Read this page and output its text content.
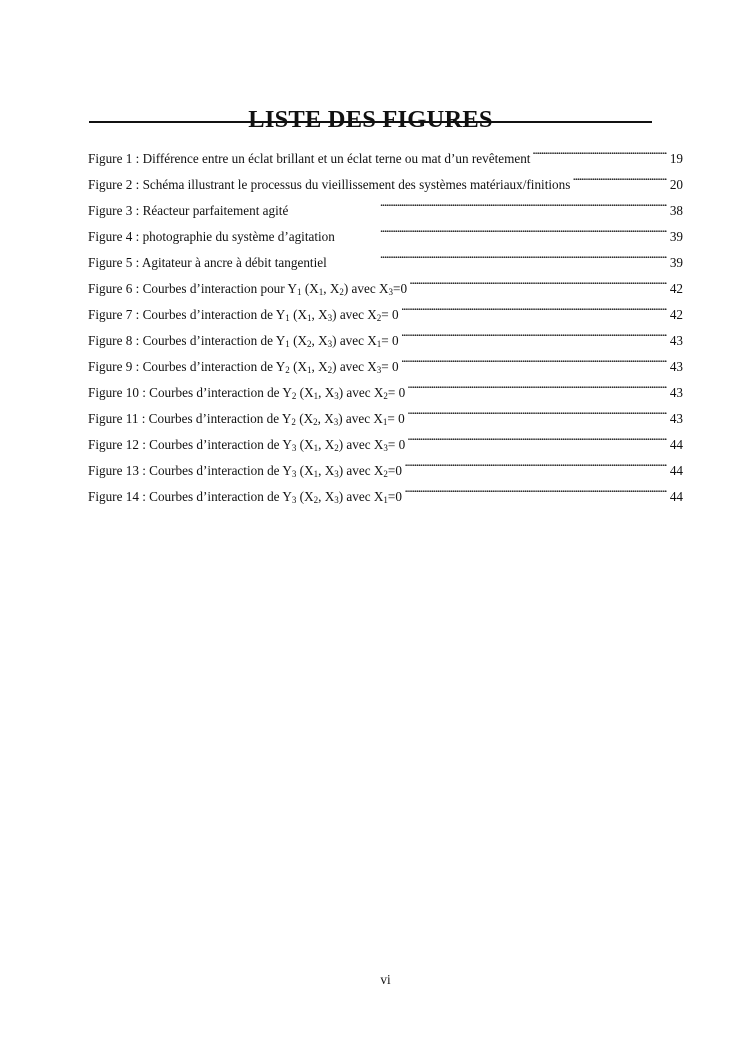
LISTE DES FIGURES
Figure 1 : Différence entre un éclat brillant et un éclat terne ou mat d’un revêtement . . .	19
Figure 2 : Schéma illustrant le processus du vieillissement des systèmes matériaux/finitions . . .	20
Figure 3 : Réacteur parfaitement agité . . .	38
Figure 4 : photographie du système d’agitation . . .	39
Figure 5 : Agitateur à ancre à débit tangentiel . . .	39
Figure 6 : Courbes d’interaction pour $Y_1$ ($X_1$, $X_2$) avec $X_3=0$ . . .	42
Figure 7 : Courbes d’interaction de $Y_1$ ($X_1$, $X_3$) avec $X_2= 0$ . . .	42
Figure 8 : Courbes d’interaction de $Y_1$ ($X_2$, $X_3$) avec $X_1= 0$ . . .	43
Figure 9 : Courbes d’interaction de $Y_2$ ($X_1$, $X_2$) avec $X_3= 0$ . . .	43
Figure 10 : Courbes d’interaction de $Y_2$ ($X_1$, $X_3$) avec $X_2= 0$ . . .	43
Figure 11 : Courbes d’interaction de $Y_2$ ($X_2$, $X_3$) avec $X_1= 0$ . . .	43
Figure 12 : Courbes d’interaction de $Y_3$ ($X_1$, $X_2$) avec $X_3= 0$ . . .	44
Figure 13 : Courbes d’interaction de $Y_3$ ($X_1$, $X_3$) avec $X_2=0$ . . .	44
Figure 14 : Courbes d’interaction de $Y_3$ ($X_2$, $X_3$) avec $X_1=0$ . . .	44
vi
